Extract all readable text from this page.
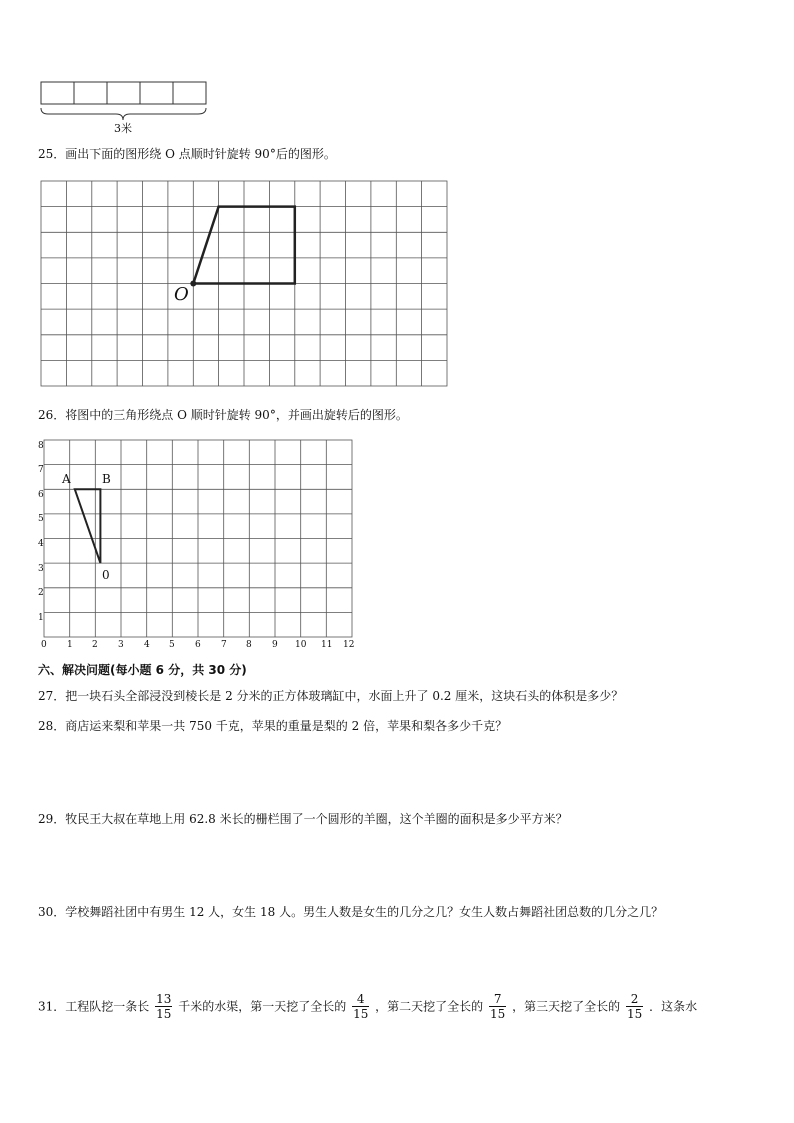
3米
25．画出下面的图形绕 O 点顺时针旋转 90°后的图形。
O
26．将图中的三角形绕点 O 顺时针旋转 90°，并画出旋转后的图形。
A	B
0
8
7
6
5
4
3
2
1
0 1 2 3 4 5 6 7 8 9 10 11 12
六、解决问题(每小题 6 分，共 30 分)
27．把一块石头全部浸没到棱长是 2 分米的正方体玻璃缸中，水面上升了 0.2 厘米，这块石头的体积是多少？
28．商店运来梨和苹果一共 750 千克，苹果的重量是梨的 2 倍，苹果和梨各多少千克？
29．牧民王大叔在草地上用 62.8 米长的栅栏围了一个圆形的羊圈，这个羊圈的面积是多少平方米？
30．学校舞蹈社团中有男生 12 人，女生 18 人。男生人数是女生的几分之几？女生人数占舞蹈社团总数的几分之几？
31．工程队挖一条长 $\frac{13}{15}$ 千米的水渠，第一天挖了全长的 $\frac{4}{15}$ ，第二天挖了全长的 $\frac{7}{15}$ ，第三天挖了全长的 $\frac{2}{15}$ ．这条水
